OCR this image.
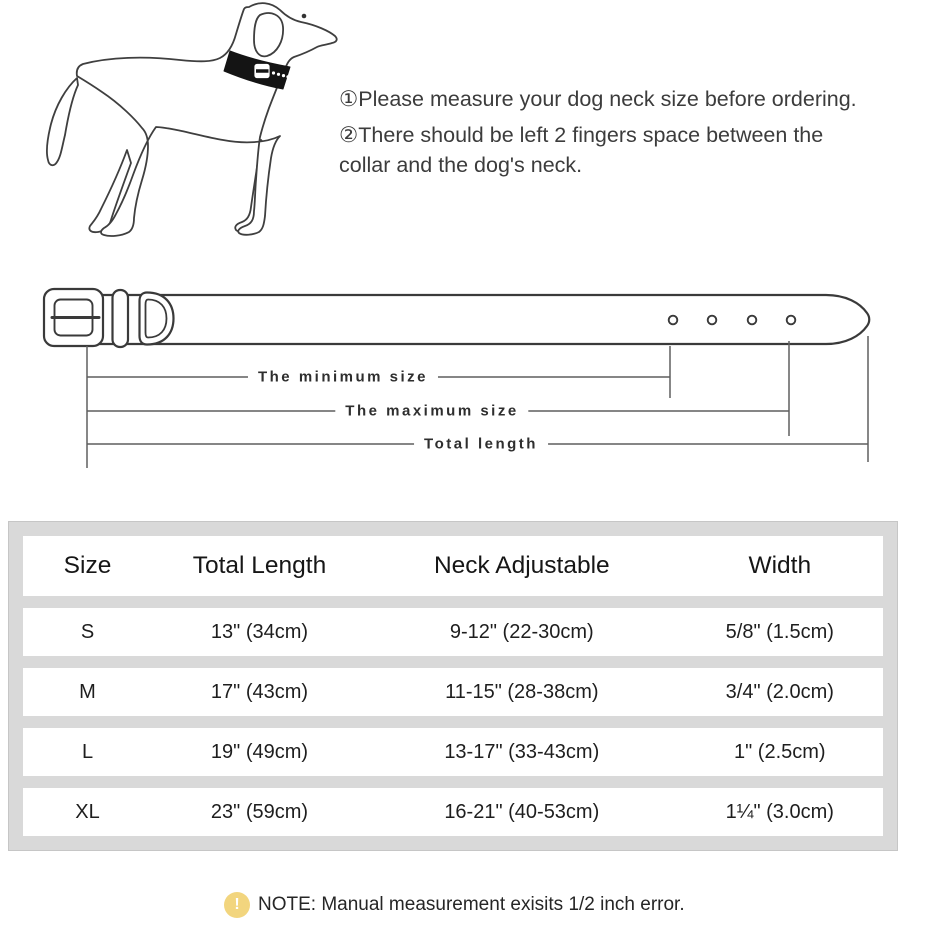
①Please measure your dog neck size before ordering.

②There should be left 2 fingers space between the

collar and the dog's neck.

The minimum size
The maximum size
Total length
Size	Total Length	Neck Adjustable	Width
S	13" (34cm)	9-12" (22-30cm)	5/8" (1.5cm)
M	17" (43cm)	11-15" (28-38cm)	3/4" (2.0cm)
L	19" (49cm)	13-17" (33-43cm)	1" (2.5cm)
XL	23" (59cm)	16-21" (40-53cm)	1¼" (3.0cm)
! NOTE: Manual measurement exisits 1/2 inch error.
